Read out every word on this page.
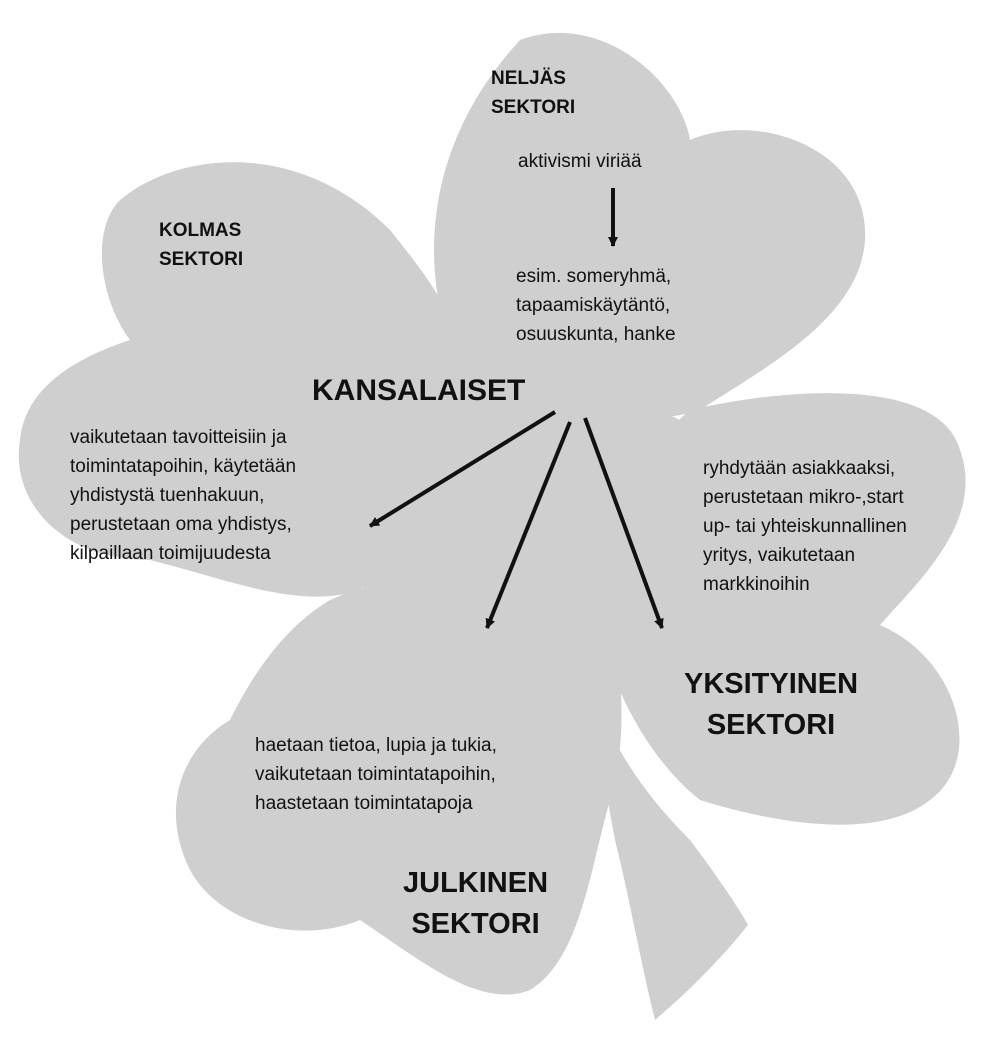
KANSALAISET
NELJÄS
SEKTORI
aktivismi viriää
esim. someryhmä,
tapaamiskäytäntö,
osuuskunta, hanke
KOLMAS
SEKTORI
vaikutetaan tavoitteisiin ja
toimintatapoihin, käytetään
yhdistystä tuenhakuun,
perustetaan oma yhdistys,
kilpaillaan toimijuudesta
ryhdytään asiakkaaksi,
perustetaan mikro-,start
up- tai yhteiskunnallinen
yritys, vaikutetaan
markkinoihin
YKSITYINEN
SEKTORI
haetaan tietoa, lupia ja tukia,
vaikutetaan toimintatapoihin,
haastetaan toimintatapoja
JULKINEN
SEKTORI
